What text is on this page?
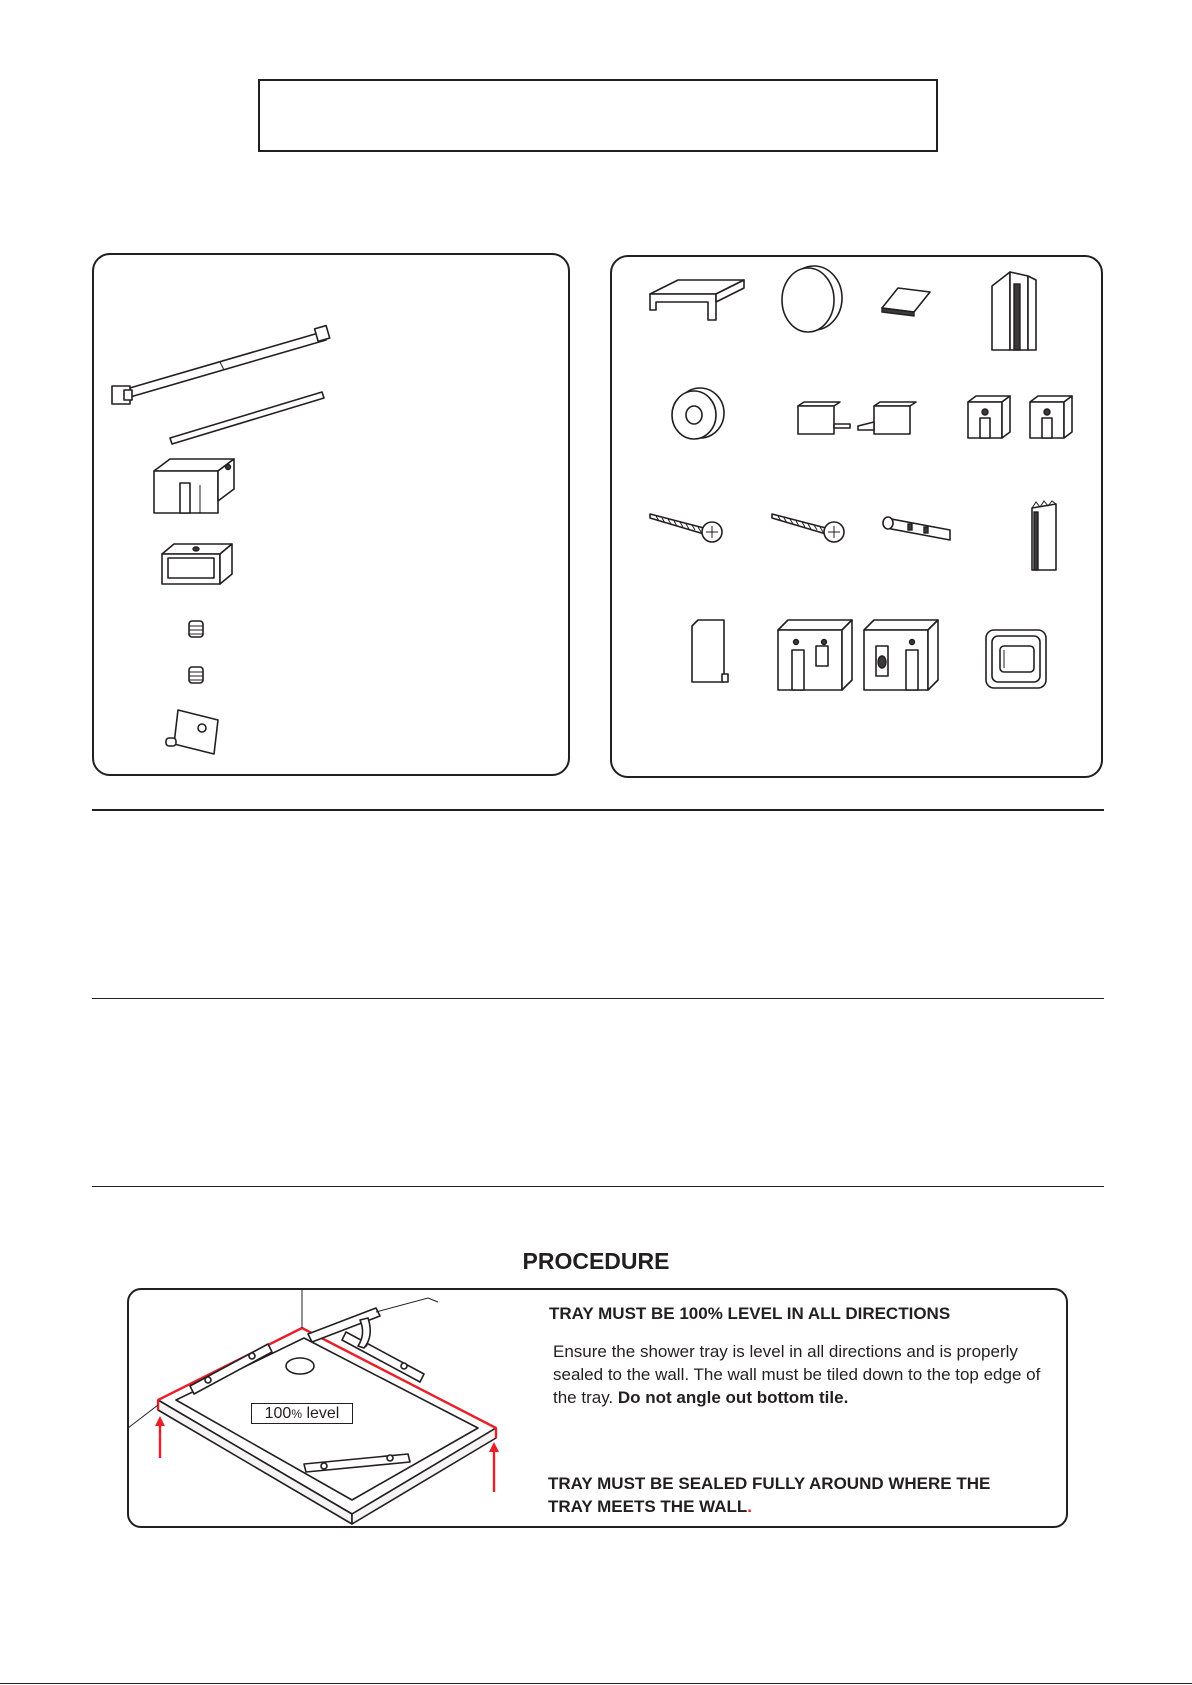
PROCEDURE
100% level
TRAY MUST BE 100% LEVEL IN ALL DIRECTIONS
Ensure the shower tray is level in all directions and is properly sealed to the wall. The wall must be tiled down to the top edge of the tray. Do not angle out bottom tile.
TRAY MUST BE SEALED FULLY AROUND WHERE THE
TRAY MEETS THE WALL.
